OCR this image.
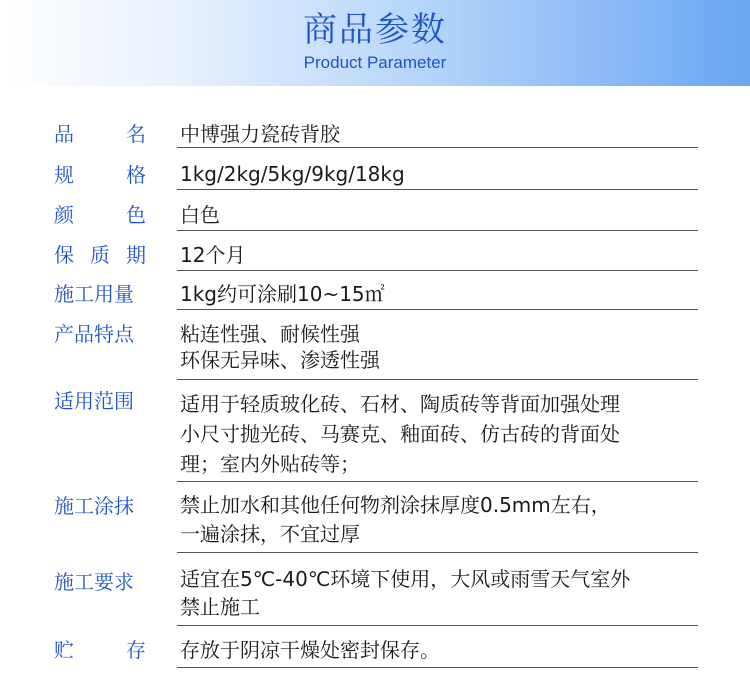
商品参数
Product Parameter
品	名 中博强力瓷砖背胶
规	格 1kg/2kg/5kg/9kg/18kg
颜	色 白色
保 质 期 12个月
施工用量	1kg约可涂刷10~15㎡
产品特点	粘连性强、耐候性强
环保无异味、渗透性强
适用范围	适用于轻质玻化砖、石材、陶质砖等背面加强处理
小尺寸抛光砖、马赛克、釉面砖、仿古砖的背面处
理；室内外贴砖等；
施工涂抹	禁止加水和其他任何物剂涂抹厚度0.5mm左右，
一遍涂抹，不宜过厚
施工要求	适宜在5℃-40℃环境下使用，大风或雨雪天气室外
禁止施工
贮	存 存放于阴凉干燥处密封保存。
